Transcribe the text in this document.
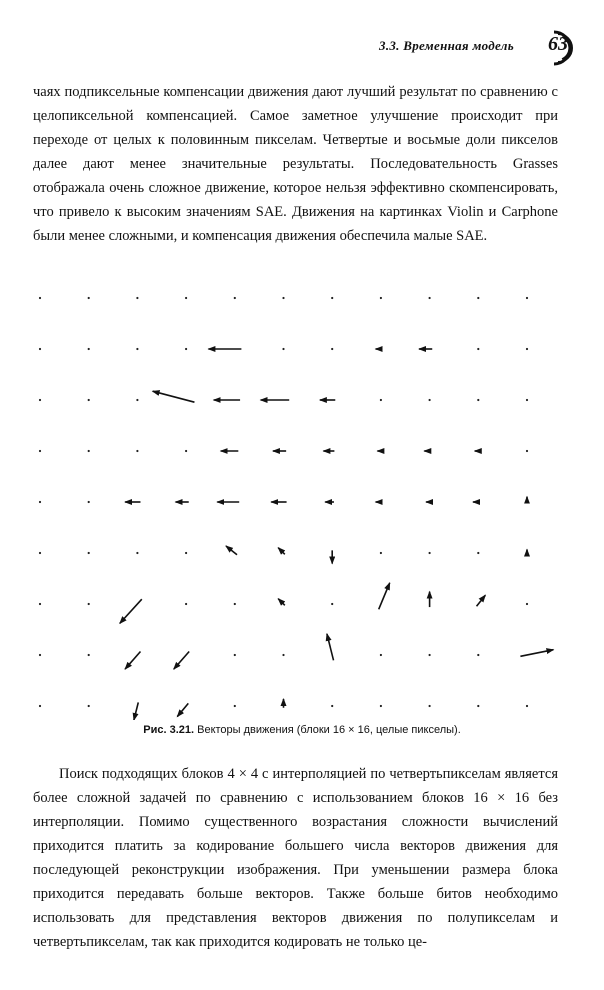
3.3. Временная модель 63
чаях подпиксельные компенсации движения дают лучший результат по сравнению с целопиксельной компенсацией. Самое заметное улучшение происходит при переходе от целых к половинным пикселам. Четвертые и восьмые доли пикселов далее дают менее значительные результаты. Последовательность Grasses отображала очень сложное движение, которое нельзя эффективно скомпенсировать, что привело к высоким значениям SAE. Движения на картинках Violin и Carphone были менее сложными, и компенсация движения обеспечила малые SAE.
Рис. 3.21. Векторы движения (блоки 16 × 16, целые пикселы).
Поиск подходящих блоков 4 × 4 с интерполяцией по четвертьпикселам является более сложной задачей по сравнению с использованием блоков 16 × 16 без интерполяции. Помимо существенного возрастания сложности вычислений приходится платить за кодирование большего числа векторов движения для последующей реконструкции изображения. При уменьшении размера блока приходится передавать больше векторов. Также больше битов необходимо использовать для представления векторов движения по полупикселам и четвертьпикселам, так как приходится кодировать не только це-
